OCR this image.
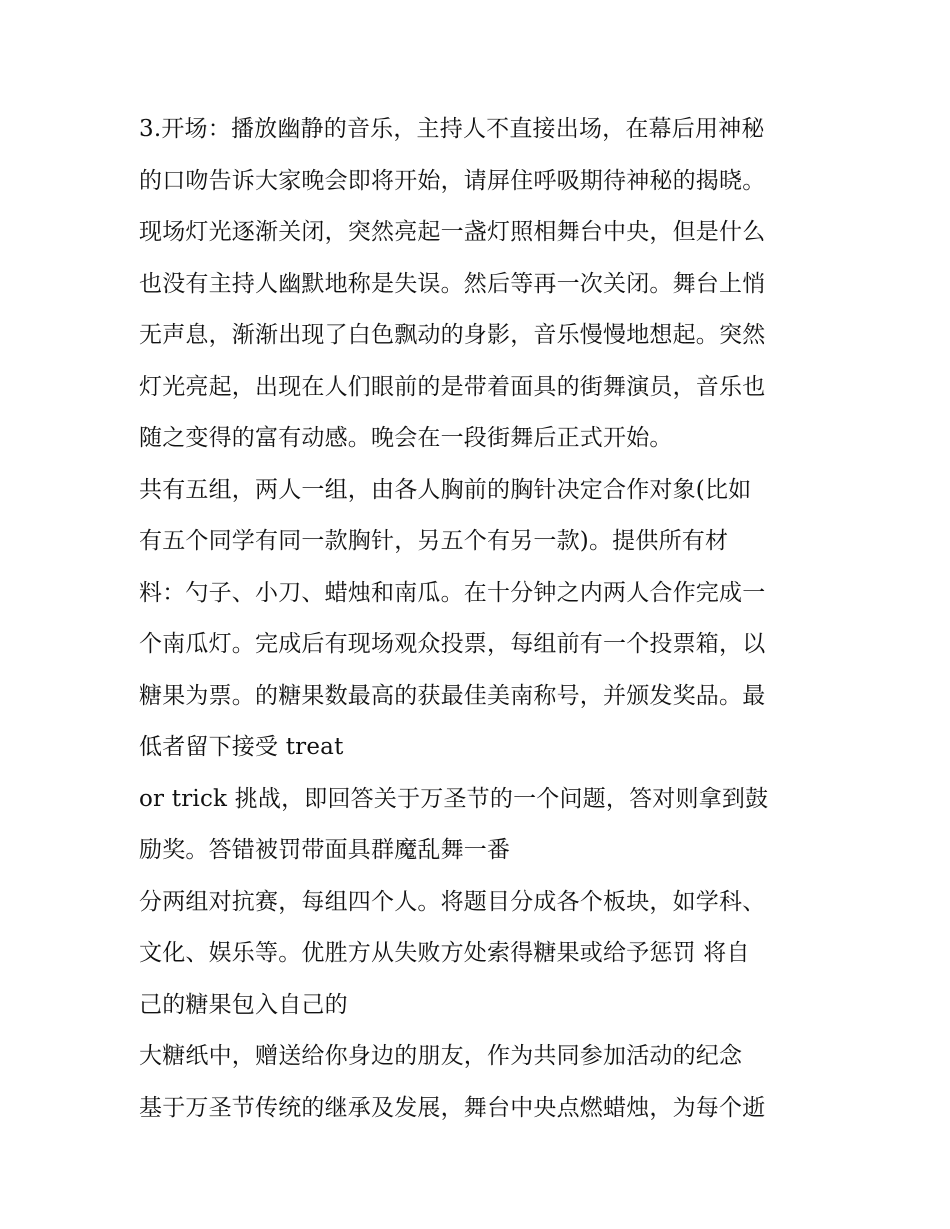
3.开场：播放幽静的音乐，主持人不直接出场，在幕后用神秘
的口吻告诉大家晚会即将开始，请屏住呼吸期待神秘的揭晓。
现场灯光逐渐关闭，突然亮起一盏灯照相舞台中央，但是什么
也没有主持人幽默地称是失误。然后等再一次关闭。舞台上悄
无声息，渐渐出现了白色飘动的身影，音乐慢慢地想起。突然
灯光亮起，出现在人们眼前的是带着面具的街舞演员，音乐也
随之变得的富有动感。晚会在一段街舞后正式开始。
共有五组，两人一组，由各人胸前的胸针决定合作对象(比如
有五个同学有同一款胸针，另五个有另一款)。提供所有材
料：勺子、小刀、蜡烛和南瓜。在十分钟之内两人合作完成一
个南瓜灯。完成后有现场观众投票，每组前有一个投票箱，以
糖果为票。的糖果数最高的获最佳美南称号，并颁发奖品。最
低者留下接受 treat
or trick 挑战，即回答关于万圣节的一个问题，答对则拿到鼓
励奖。答错被罚带面具群魔乱舞一番
分两组对抗赛，每组四个人。将题目分成各个板块，如学科、
文化、娱乐等。优胜方从失败方处索得糖果或给予惩罚 将自
己的糖果包入自己的
大糖纸中，赠送给你身边的朋友，作为共同参加活动的纪念
基于万圣节传统的继承及发展，舞台中央点燃蜡烛，为每个逝
